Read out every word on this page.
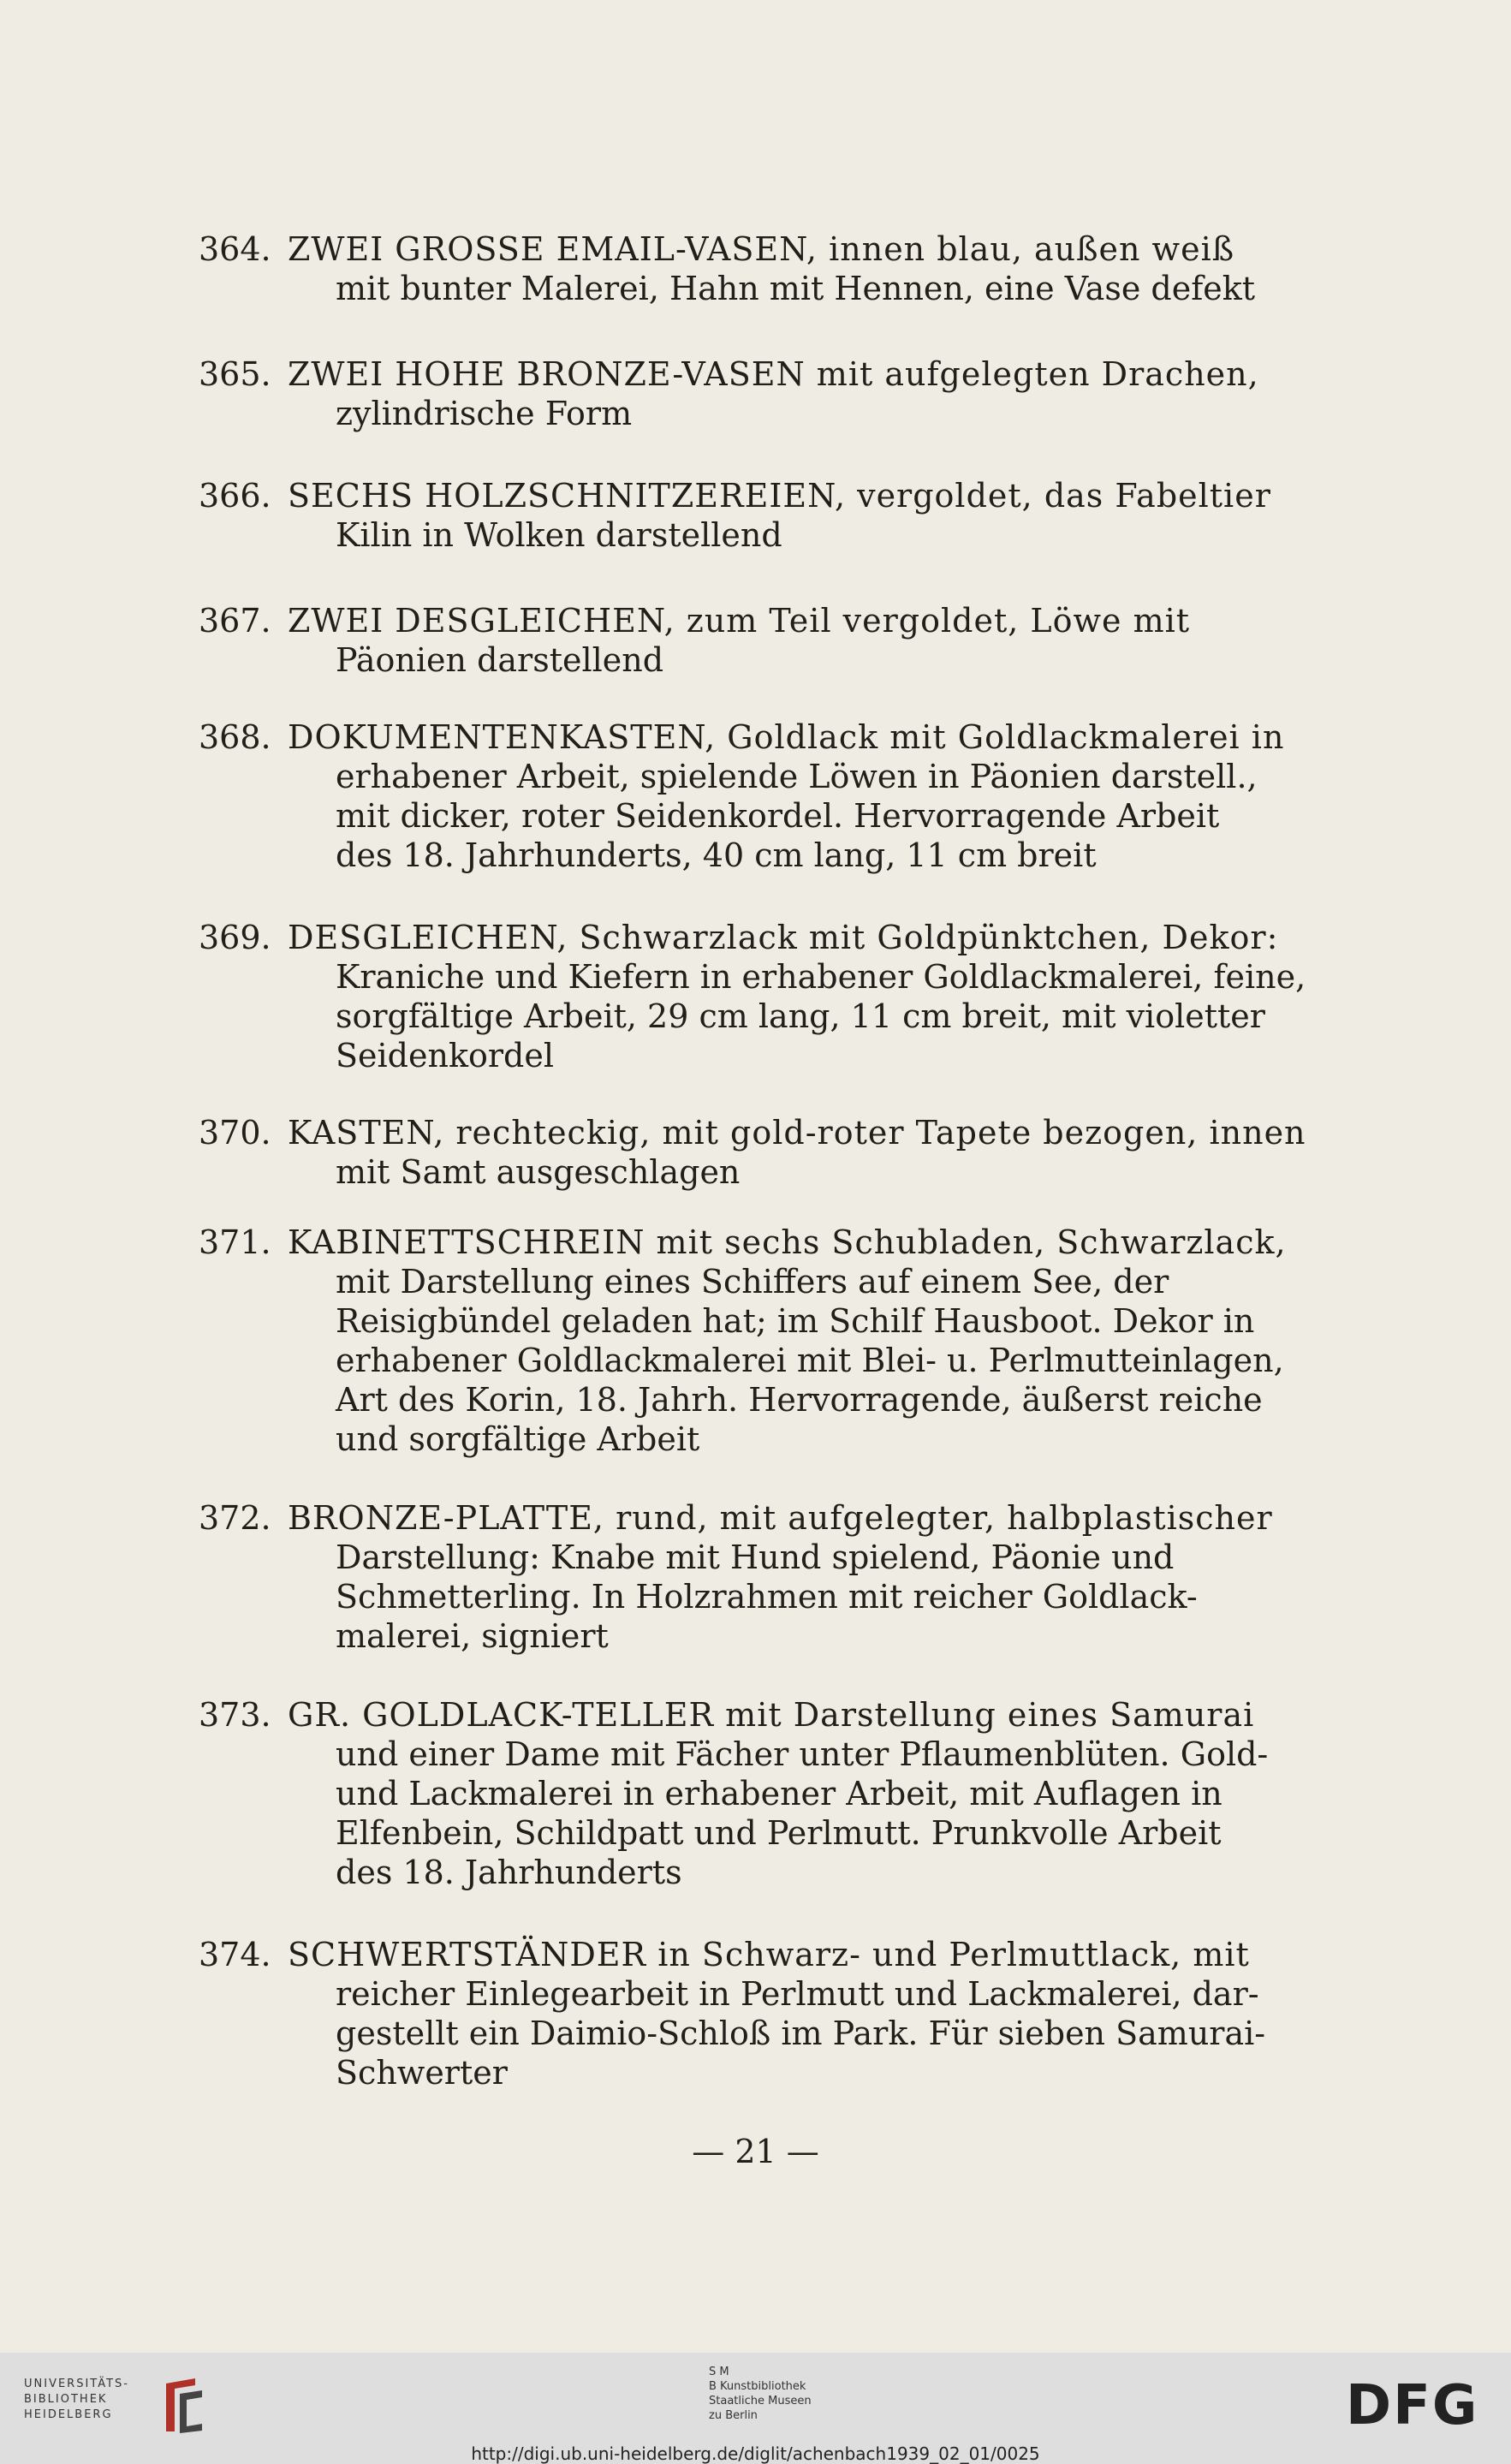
364. ZWEI GROSSE EMAIL-VASEN, innen blau, außen weiß
mit bunter Malerei, Hahn mit Hennen, eine Vase defekt
365. ZWEI HOHE BRONZE-VASEN mit aufgelegten Drachen,
zylindrische Form
366. SECHS HOLZSCHNITZEREIEN, vergoldet, das Fabeltier
Kilin in Wolken darstellend
367. ZWEI DESGLEICHEN, zum Teil vergoldet, Löwe mit
Päonien darstellend
368. DOKUMENTENKASTEN, Goldlack mit Goldlackmalerei in
erhabener Arbeit, spielende Löwen in Päonien darstell.,
mit dicker, roter Seidenkordel. Hervorragende Arbeit
des 18. Jahrhunderts, 40 cm lang, 11 cm breit
369. DESGLEICHEN, Schwarzlack mit Goldpünktchen, Dekor:
Kraniche und Kiefern in erhabener Goldlackmalerei, feine,
sorgfältige Arbeit, 29 cm lang, 11 cm breit, mit violetter
Seidenkordel
370. KASTEN, rechteckig, mit gold-roter Tapete bezogen, innen
mit Samt ausgeschlagen
371. KABINETTSCHREIN mit sechs Schubladen, Schwarzlack,
mit Darstellung eines Schiffers auf einem See, der
Reisigbündel geladen hat; im Schilf Hausboot. Dekor in
erhabener Goldlackmalerei mit Blei- u. Perlmutteinlagen,
Art des Korin, 18. Jahrh. Hervorragende, äußerst reiche
und sorgfältige Arbeit
372. BRONZE-PLATTE, rund, mit aufgelegter, halbplastischer
Darstellung: Knabe mit Hund spielend, Päonie und
Schmetterling. In Holzrahmen mit reicher Goldlack-
malerei, signiert
373. GR. GOLDLACK-TELLER mit Darstellung eines Samurai
und einer Dame mit Fächer unter Pflaumenblüten. Gold-
und Lackmalerei in erhabener Arbeit, mit Auflagen in
Elfenbein, Schildpatt und Perlmutt. Prunkvolle Arbeit
des 18. Jahrhunderts
374. SCHWERTSTÄNDER in Schwarz- und Perlmuttlack, mit
reicher Einlegearbeit in Perlmutt und Lackmalerei, dar-
gestellt ein Daimio-Schloß im Park. Für sieben Samurai-
Schwerter
— 21 —
UNIVERSITÄTS-
BIBLIOTHEK
HEIDELBERG
S M
B Kunstbibliothek
Staatliche Museen
zu Berlin	DFG
http://digi.ub.uni-heidelberg.de/diglit/achenbach1939_02_01/0025
